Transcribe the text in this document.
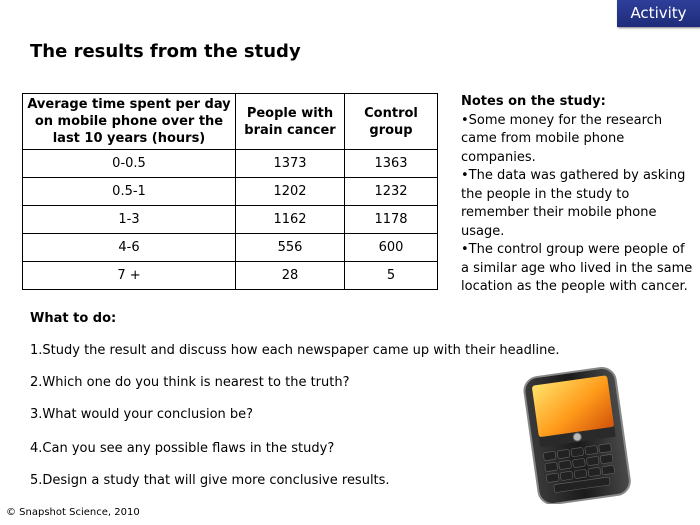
Activity
The results from the study
Average time spent per day on mobile phone over the last 10 years (hours)	People with brain cancer	Control group
0-0.5	1373	1363
0.5-1	1202	1232
1-3	1162	1178
4-6	556	600
7 +	28	5

Notes on the study:

•Some money for the research came from mobile phone companies.

•The data was gathered by asking the people in the study to remember their mobile phone usage.

•The control group were people of a similar age who lived in the same location as the people with cancer.

What to do:

1.Study the result and discuss how each newspaper came up with their headline.

2.Which one do you think is nearest to the truth?

3.What would your conclusion be?

4.Can you see any possible flaws in the study?

5.Design a study that will give more conclusive results.

© Snapshot Science, 2010
